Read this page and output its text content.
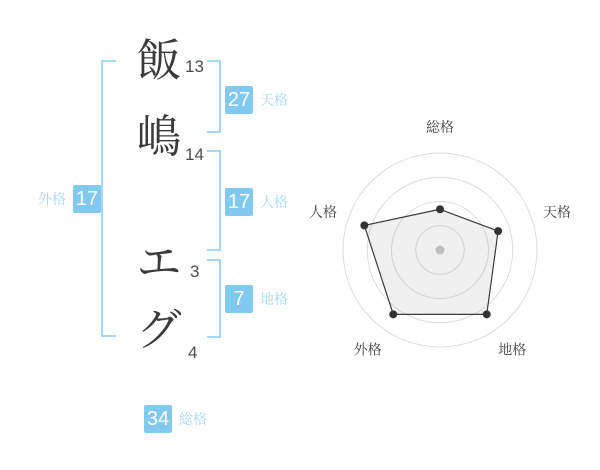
飯
嶋
エ
グ
13
14
3
4
外格 17
27 天格
17 人格
7	地格
34 総格
総格
天格
地格
外格
人格
